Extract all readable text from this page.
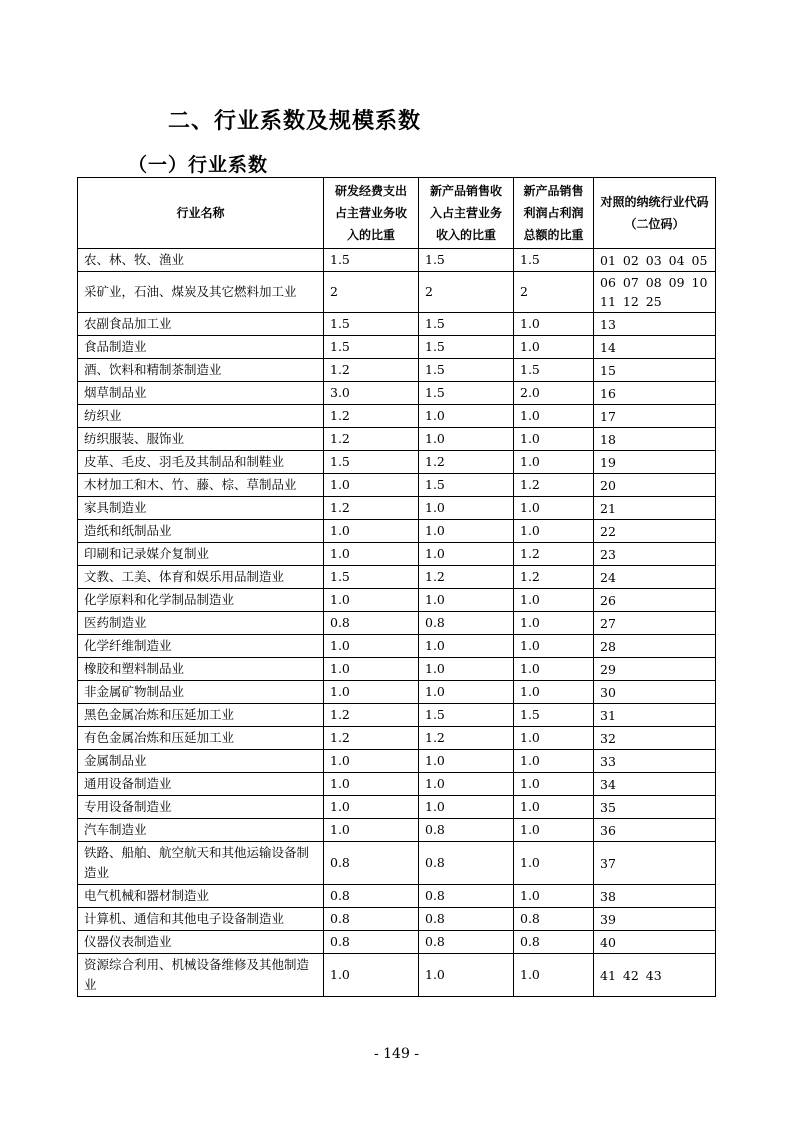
二、行业系数及规模系数
（一）行业系数
行业名称	研发经费支出占主营业务收入的比重	新产品销售收入占主营业务收入的比重	新产品销售利润占利润总额的比重	对照的纳统行业代码（二位码）
农、林、牧、渔业	1.5	1.5	1.5	01 02 03 04 05
采矿业，石油、煤炭及其它燃料加工业	2	2	2	06 07 08 09 10 11 12 25
农副食品加工业	1.5	1.5	1.0	13
食品制造业	1.5	1.5	1.0	14
酒、饮料和精制茶制造业	1.2	1.5	1.5	15
烟草制品业	3.0	1.5	2.0	16
纺织业	1.2	1.0	1.0	17
纺织服装、服饰业	1.2	1.0	1.0	18
皮革、毛皮、羽毛及其制品和制鞋业	1.5	1.2	1.0	19
木材加工和木、竹、藤、棕、草制品业	1.0	1.5	1.2	20
家具制造业	1.2	1.0	1.0	21
造纸和纸制品业	1.0	1.0	1.0	22
印刷和记录媒介复制业	1.0	1.0	1.2	23
文教、工美、体育和娱乐用品制造业	1.5	1.2	1.2	24
化学原料和化学制品制造业	1.0	1.0	1.0	26
医药制造业	0.8	0.8	1.0	27
化学纤维制造业	1.0	1.0	1.0	28
橡胶和塑料制品业	1.0	1.0	1.0	29
非金属矿物制品业	1.0	1.0	1.0	30
黑色金属冶炼和压延加工业	1.2	1.5	1.5	31
有色金属冶炼和压延加工业	1.2	1.2	1.0	32
金属制品业	1.0	1.0	1.0	33
通用设备制造业	1.0	1.0	1.0	34
专用设备制造业	1.0	1.0	1.0	35
汽车制造业	1.0	0.8	1.0	36
铁路、船舶、航空航天和其他运输设备制造业	0.8	0.8	1.0	37
电气机械和器材制造业	0.8	0.8	1.0	38
计算机、通信和其他电子设备制造业	0.8	0.8	0.8	39
仪器仪表制造业	0.8	0.8	0.8	40
资源综合利用、机械设备维修及其他制造业	1.0	1.0	1.0	41 42 43
- 149 -
